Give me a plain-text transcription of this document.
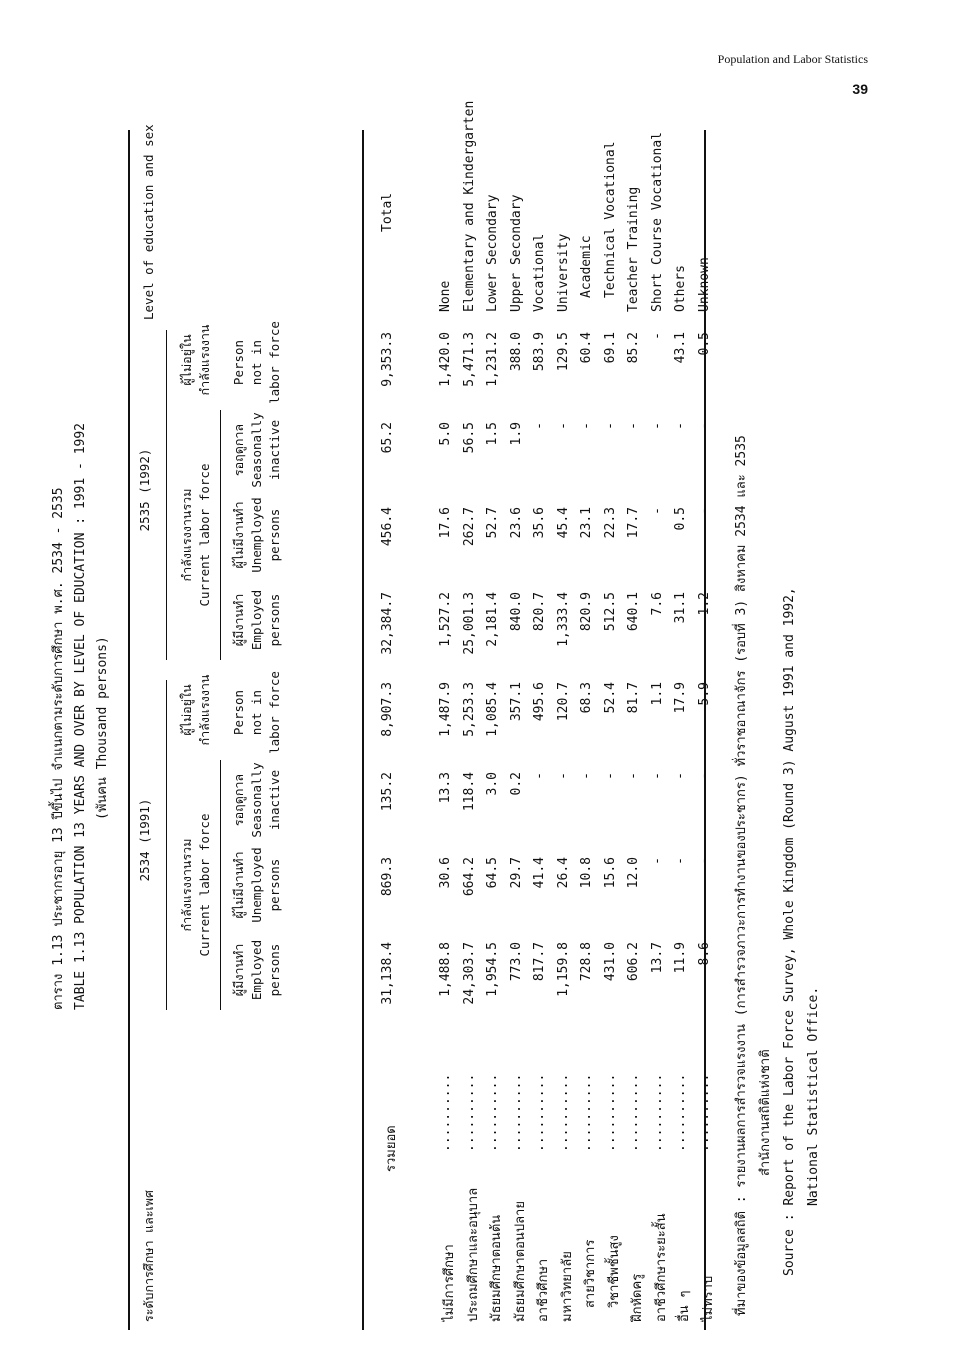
Population and Labor Statistics
39
ตาราง 1.13 ประชากรอายุ 13 ปีขึ้นไป จำแนกตามระดับการศึกษา พ.ศ. 2534 - 2535 TABLE 1.13 POPULATION 13 YEARS AND OVER BY LEVEL OF EDUCATION : 1991 - 1992 (พันคน Thousand persons)
ระดับการศึกษา และเพศ
Level of education and sex
2534 (1991)
2535 (1992)
กำลังแรงงานรวม Current labor force
ผู้ไม่อยู่ใน กำลังแรงงาน
กำลังแรงงานรวม Current labor force
ผู้ไม่อยู่ใน กำลังแรงงาน
ผู้มีงานทำ Employed persons
ผู้ไม่มีงานทำ Unemployed persons
รอฤดูกาล Seasonally inactive
Person not in labor force
ผู้มีงานทำ Employed persons
ผู้ไม่มีงานทำ Unemployed persons
รอฤดูกาล Seasonally inactive
Person not in labor force
รวมยอด
31,138.4
869.3
135.2
8,907.3
32,384.7
456.4
65.2
9,353.3
Total
ไม่มีการศึกษา
..........
1,488.8
30.6
13.3
1,487.9
1,527.2
17.6
5.0
1,420.0
None
ประถมศึกษาและอนุบาล
..........
24,303.7
664.2
118.4
5,253.3
25,001.3
262.7
56.5
5,471.3
Elementary and Kindergarten
มัธยมศึกษาตอนต้น
..........
1,954.5
64.5
3.0
1,085.4
2,181.4
52.7
1.5
1,231.2
Lower Secondary
มัธยมศึกษาตอนปลาย
..........
773.0
29.7
0.2
357.1
840.0
23.6
1.9
388.0
Upper Secondary
อาชีวศึกษา
..........
817.7
41.4
-
495.6
820.7
35.6
-
583.9
Vocational
มหาวิทยาลัย
..........
1,159.8
26.4
-
120.7
1,333.4
45.4
-
129.5
University
สายวิชาการ
..........
728.8
10.8
-
68.3
820.9
23.1
-
60.4
Academic
วิชาชีพชั้นสูง
..........
431.0
15.6
-
52.4
512.5
22.3
-
69.1
Technical Vocational
ฝึกหัดครู
..........
606.2
12.0
-
81.7
640.1
17.7
-
85.2
Teacher Training
อาชีวศึกษาระยะสั้น
..........
13.7
-
-
1.1
7.6
-
-
-
Short Course Vocational
อื่น ๆ
..........
11.9
-
-
17.9
31.1
0.5
-
43.1
Others
ไม่ทราบ
..........
8.6
-
-
5.9
1.2
-
-
0.5
Unknown
ที่มาของข้อมูลสถิติ : รายงานผลการสำรวจแรงงาน (การสำรวจภาวะการทำงานของประชากร) ทั่วราชอาณาจักร (รอบที่ 3) สิงหาคม 2534 และ 2535 สำนักงานสถิติแห่งชาติ Source : Report of the Labor Force Survey, Whole Kingdom (Round 3) August 1991 and 1992, National Statistical Office.
